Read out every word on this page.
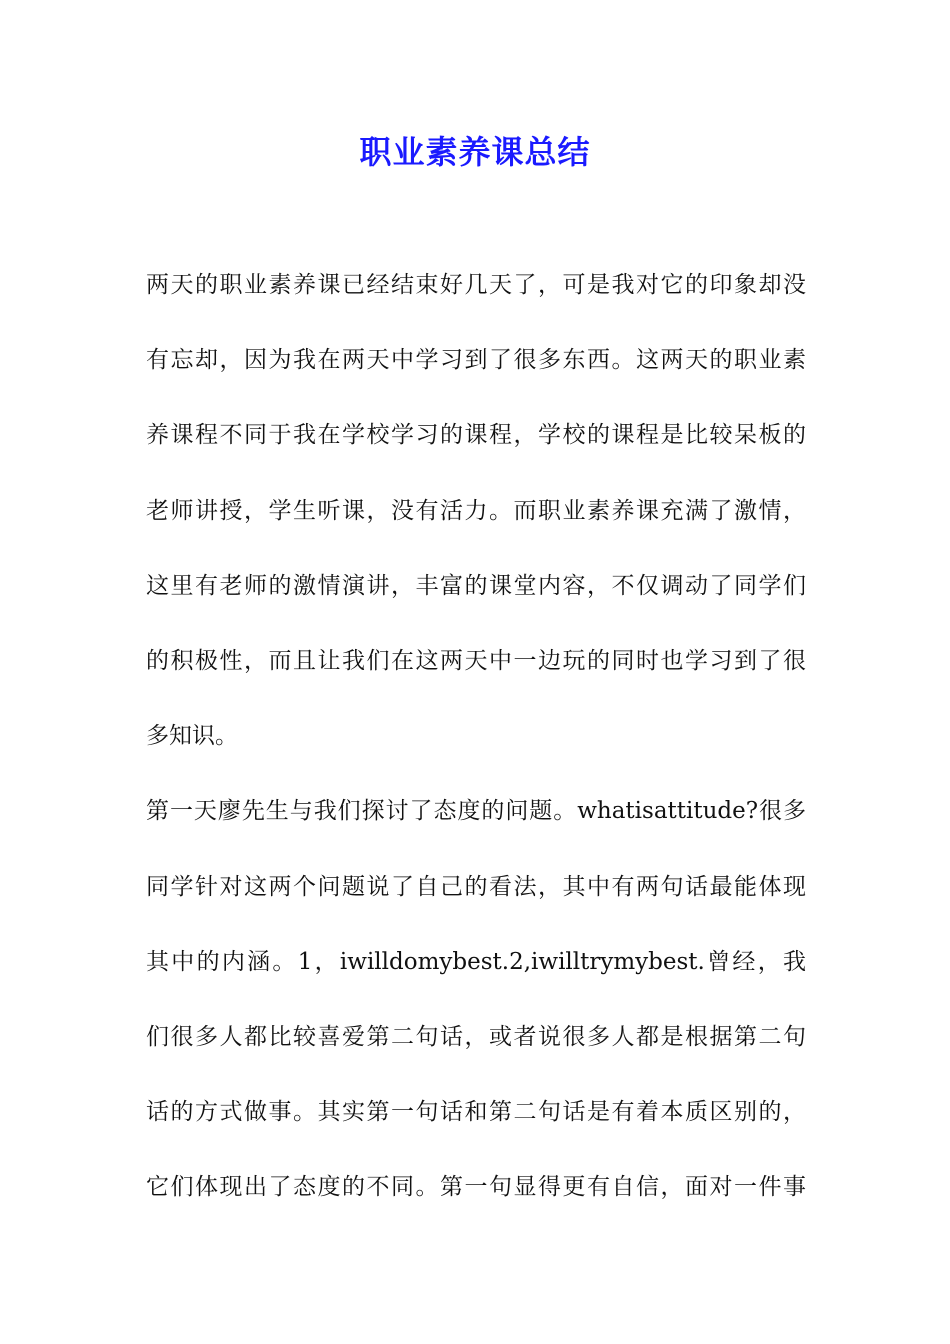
职业素养课总结

两天的职业素养课已经结束好几天了，可是我对它的印象却没

有忘却，因为我在两天中学习到了很多东西。这两天的职业素

养课程不同于我在学校学习的课程，学校的课程是比较呆板的

老师讲授，学生听课，没有活力。而职业素养课充满了激情，

这里有老师的激情演讲，丰富的课堂内容，不仅调动了同学们

的积极性，而且让我们在这两天中一边玩的同时也学习到了很

多知识。

第一天廖先生与我们探讨了态度的问题。whatisattitude?很多

同学针对这两个问题说了自己的看法，其中有两句话最能体现

其中的内涵。1，iwilldomybest.2,iwilltrymybest.曾经，我

们很多人都比较喜爱第二句话，或者说很多人都是根据第二句

话的方式做事。其实第一句话和第二句话是有着本质区别的，

它们体现出了态度的不同。第一句显得更有自信，面对一件事
